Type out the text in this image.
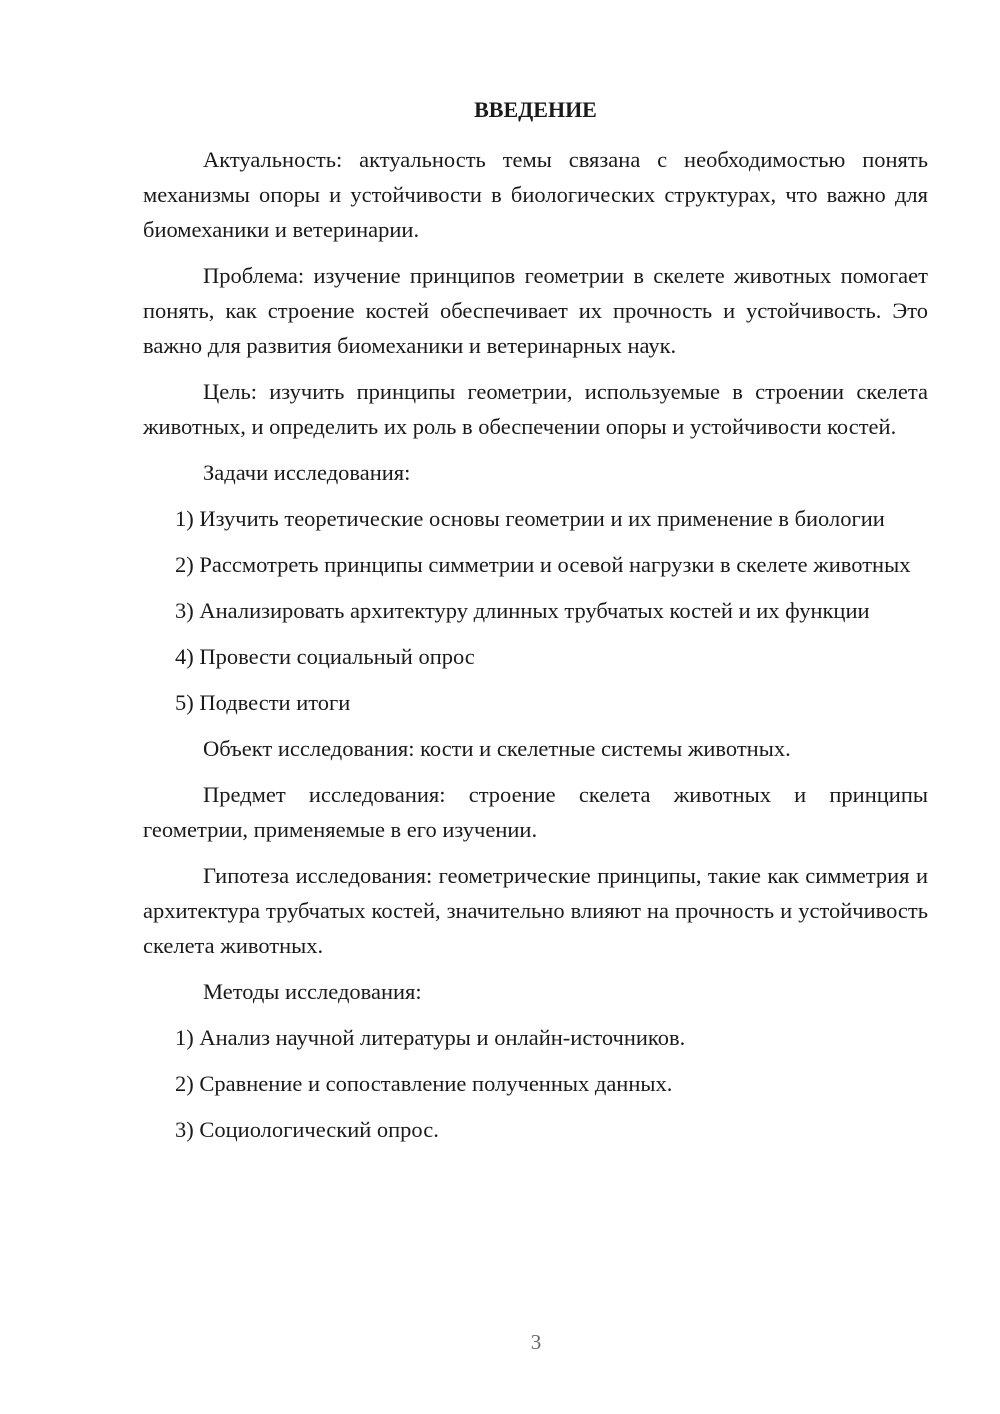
ВВЕДЕНИЕ

Актуальность: актуальность темы связана с необходимостью понять механизмы опоры и устойчивости в биологических структурах, что важно для биомеханики и ветеринарии.

Проблема: изучение принципов геометрии в скелете животных помогает понять, как строение костей обеспечивает их прочность и устойчивость. Это важно для развития биомеханики и ветеринарных наук.

Цель: изучить принципы геометрии, используемые в строении скелета животных, и определить их роль в обеспечении опоры и устойчивости костей.

Задачи исследования:

1) Изучить теоретические основы геометрии и их применение в биологии

2) Рассмотреть принципы симметрии и осевой нагрузки в скелете животных

3) Анализировать архитектуру длинных трубчатых костей и их функции

4) Провести социальный опрос

5) Подвести итоги

Объект исследования: кости и скелетные системы животных.

Предмет исследования: строение скелета животных и принципы геометрии, применяемые в его изучении.

Гипотеза исследования: геометрические принципы, такие как симметрия и архитектура трубчатых костей, значительно влияют на прочность и устойчивость скелета животных.

Методы исследования:

1) Анализ научной литературы и онлайн-источников.

2) Сравнение и сопоставление полученных данных.

3) Социологический опрос.

3
